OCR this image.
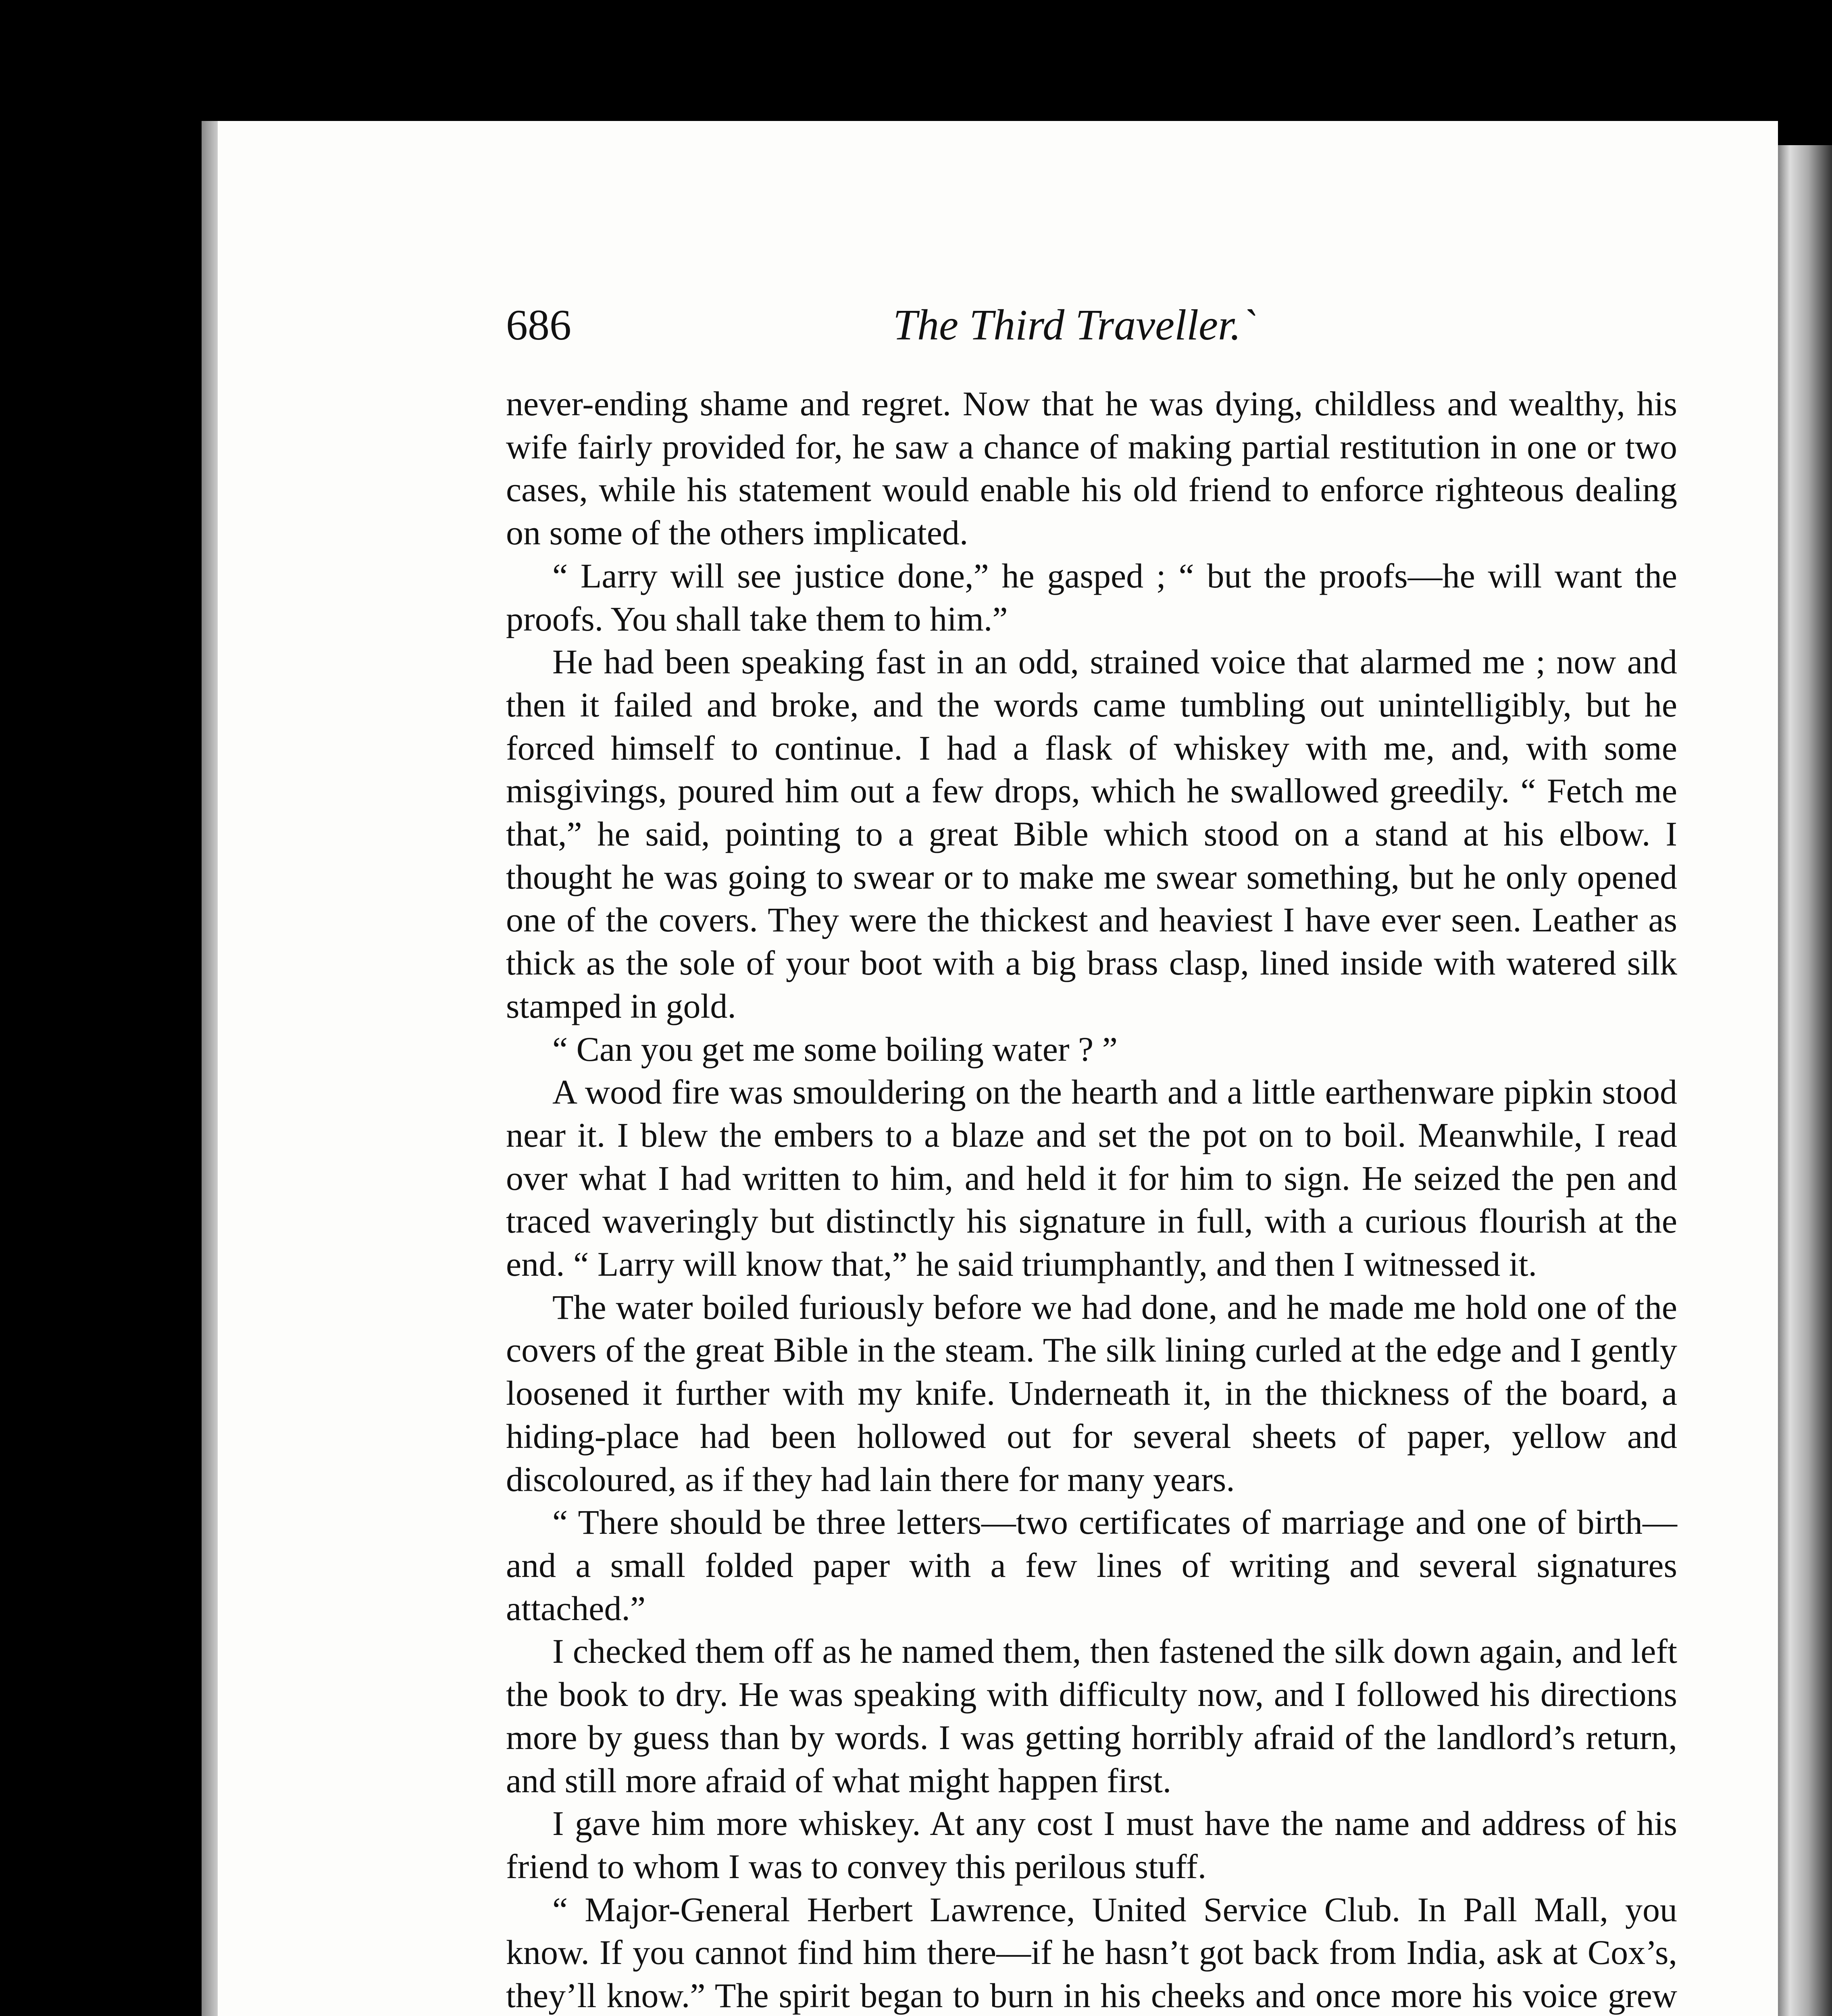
686	The Third Traveller.`

never-ending shame and regret. Now that he was dying, childless and wealthy, his wife fairly provided for, he saw a chance of making partial restitution in one or two cases, while his statement would enable his old friend to enforce righteous dealing on some of the others implicated.

“ Larry will see justice done,” he gasped ; “ but the proofs—he will want the proofs. You shall take them to him.”

He had been speaking fast in an odd, strained voice that alarmed me ; now and then it failed and broke, and the words came tumbling out unintelligibly, but he forced himself to continue. I had a flask of whiskey with me, and, with some misgivings, poured him out a few drops, which he swallowed greedily. “ Fetch me that,” he said, pointing to a great Bible which stood on a stand at his elbow. I thought he was going to swear or to make me swear something, but he only opened one of the covers. They were the thickest and heaviest I have ever seen. Leather as thick as the sole of your boot with a big brass clasp, lined inside with watered silk stamped in gold.

“ Can you get me some boiling water ? ”

A wood fire was smouldering on the hearth and a little earthenware pipkin stood near it. I blew the embers to a blaze and set the pot on to boil. Meanwhile, I read over what I had written to him, and held it for him to sign. He seized the pen and traced waveringly but distinctly his signature in full, with a curious flourish at the end. “ Larry will know that,” he said triumphantly, and then I witnessed it.

The water boiled furiously before we had done, and he made me hold one of the covers of the great Bible in the steam. The silk lining curled at the edge and I gently loosened it further with my knife. Underneath it, in the thickness of the board, a hiding-place had been hollowed out for several sheets of paper, yellow and discoloured, as if they had lain there for many years.

“ There should be three letters—two certificates of marriage and one of birth—and a small folded paper with a few lines of writing and several signatures attached.”

I checked them off as he named them, then fastened the silk down again, and left the book to dry. He was speaking with difficulty now, and I followed his directions more by guess than by words. I was getting horribly afraid of the landlord’s return, and still more afraid of what might happen first.

I gave him more whiskey. At any cost I must have the name and address of his friend to whom I was to convey this perilous stuff.

“ Major-General Herbert Lawrence, United Service Club. In Pall Mall, you know. If you cannot find him there—if he hasn’t got back from India, ask at Cox’s, they’ll know.” The spirit began to burn in his cheeks and once more his voice grew
